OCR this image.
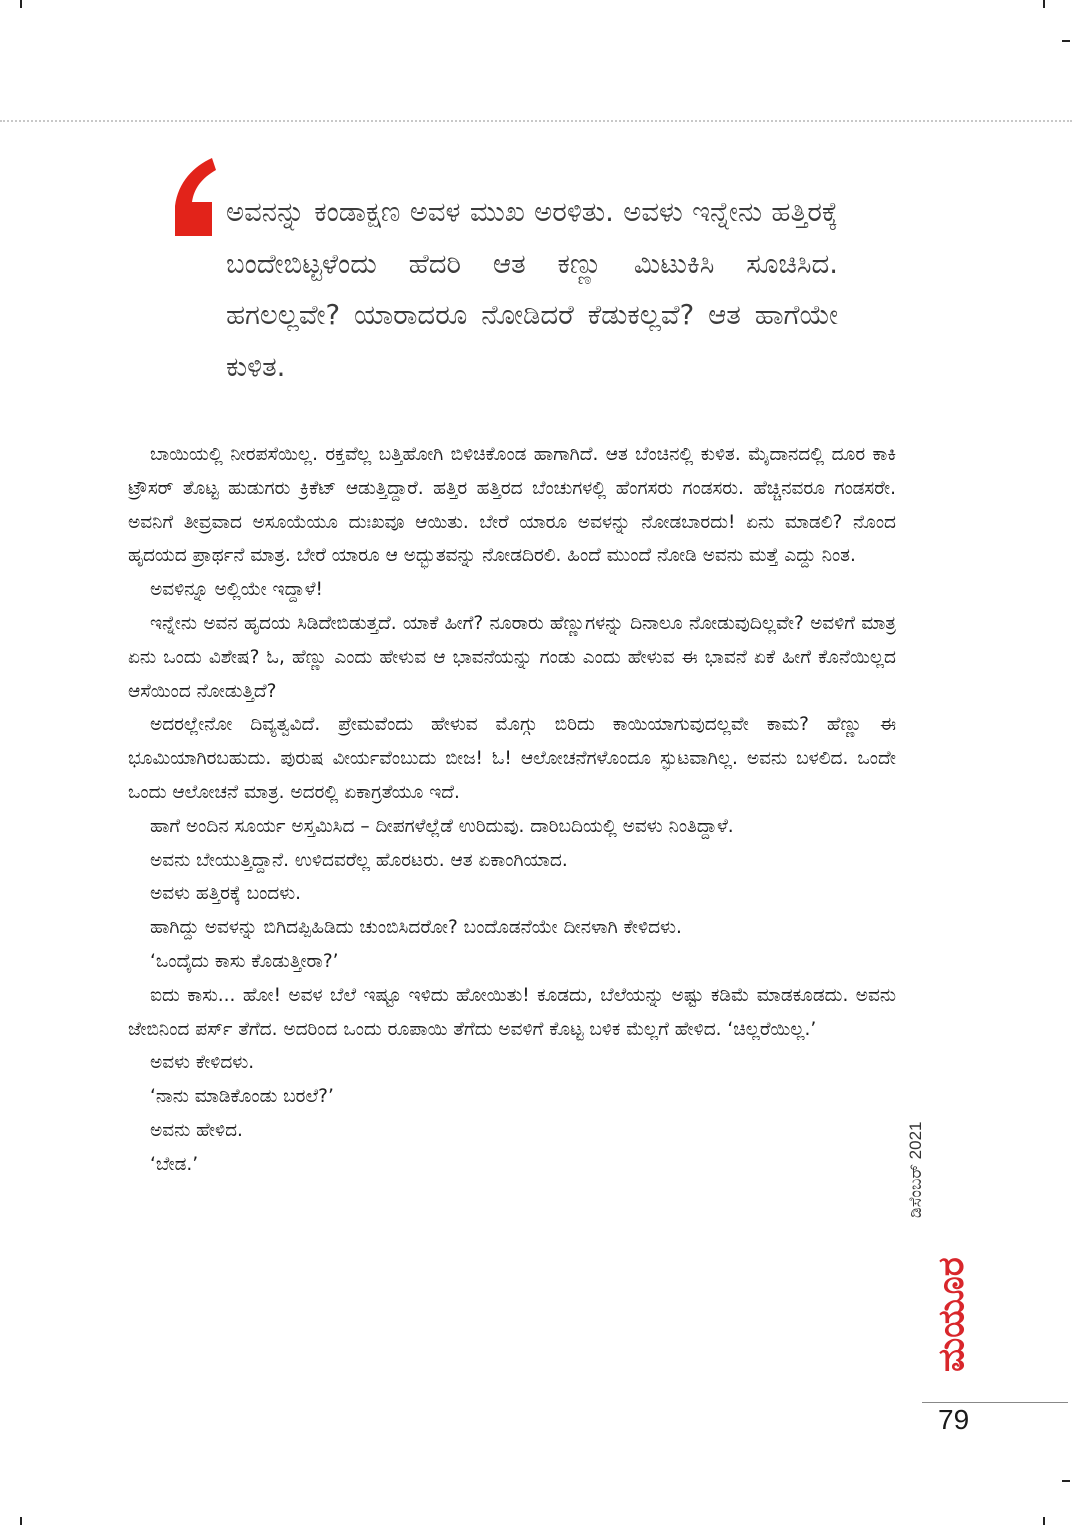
ಅವನನ್ನು ಕಂಡಾಕ್ಷಣ ಅವಳ ಮುಖ ಅರಳಿತು. ಅವಳು ಇನ್ನೇನು ಹತ್ತಿರಕ್ಕೆ ಬಂದೇಬಿಟ್ಟಳೆಂದು ಹೆದರಿ ಆತ ಕಣ್ಣು ಮಿಟುಕಿಸಿ ಸೂಚಿಸಿದ. ಹಗಲಲ್ಲವೇ? ಯಾರಾದರೂ ನೋಡಿದರೆ ಕೆಡುಕಲ್ಲವೆ? ಆತ ಹಾಗೆಯೇ ಕುಳಿತ.

ಬಾಯಿಯಲ್ಲಿ ನೀರಪಸೆಯಿಲ್ಲ. ರಕ್ತವೆಲ್ಲ ಬತ್ತಿಹೋಗಿ ಬಿಳಿಚಿಕೊಂಡ ಹಾಗಾಗಿದೆ. ಆತ ಬೆಂಚಿನಲ್ಲಿ ಕುಳಿತ. ಮೈದಾನದಲ್ಲಿ ದೂರ ಕಾಕಿ ಟ್ರೌಸರ್ ತೊಟ್ಟ ಹುಡುಗರು ಕ್ರಿಕೆಟ್ ಆಡುತ್ತಿದ್ದಾರೆ. ಹತ್ತಿರ ಹತ್ತಿರದ ಬೆಂಚುಗಳಲ್ಲಿ ಹೆಂಗಸರು ಗಂಡಸರು. ಹೆಚ್ಚಿನವರೂ ಗಂಡಸರೇ. ಅವನಿಗೆ ತೀವ್ರವಾದ ಅಸೂಯೆಯೂ ದುಃಖವೂ ಆಯಿತು. ಬೇರೆ ಯಾರೂ ಅವಳನ್ನು ನೋಡಬಾರದು! ಏನು ಮಾಡಲಿ? ನೊಂದ ಹೃದಯದ ಪ್ರಾರ್ಥನೆ ಮಾತ್ರ. ಬೇರೆ ಯಾರೂ ಆ ಅದ್ಭುತವನ್ನು ನೋಡದಿರಲಿ. ಹಿಂದೆ ಮುಂದೆ ನೋಡಿ ಅವನು ಮತ್ತೆ ಎದ್ದು ನಿಂತ.

ಅವಳಿನ್ನೂ ಅಲ್ಲಿಯೇ ಇದ್ದಾಳೆ!

ಇನ್ನೇನು ಅವನ ಹೃದಯ ಸಿಡಿದೇಬಿಡುತ್ತದೆ. ಯಾಕೆ ಹೀಗೆ? ನೂರಾರು ಹೆಣ್ಣುಗಳನ್ನು ದಿನಾಲೂ ನೋಡುವುದಿಲ್ಲವೇ? ಅವಳಿಗೆ ಮಾತ್ರ ಏನು ಒಂದು ವಿಶೇಷ? ಓ, ಹೆಣ್ಣು ಎಂದು ಹೇಳುವ ಆ ಭಾವನೆಯನ್ನು ಗಂಡು ಎಂದು ಹೇಳುವ ಈ ಭಾವನೆ ಏಕೆ ಹೀಗೆ ಕೊನೆಯಿಲ್ಲದ ಆಸೆಯಿಂದ ನೋಡುತ್ತಿದೆ?

ಅದರಲ್ಲೇನೋ ದಿವ್ಯತ್ವವಿದೆ. ಪ್ರೇಮವೆಂದು ಹೇಳುವ ಮೊಗ್ಗು ಬಿರಿದು ಕಾಯಿಯಾಗುವುದಲ್ಲವೇ ಕಾಮ? ಹೆಣ್ಣು ಈ ಭೂಮಿಯಾಗಿರಬಹುದು. ಪುರುಷ ವೀರ್ಯವೆಂಬುದು ಬೀಜ! ಓ! ಆಲೋಚನೆಗಳೊಂದೂ ಸ್ಫುಟವಾಗಿಲ್ಲ. ಅವನು ಬಳಲಿದ. ಒಂದೇ ಒಂದು ಆಲೋಚನೆ ಮಾತ್ರ. ಅದರಲ್ಲಿ ಏಕಾಗ್ರತೆಯೂ ಇದೆ.

ಹಾಗೆ ಅಂದಿನ ಸೂರ್ಯ ಅಸ್ತಮಿಸಿದ – ದೀಪಗಳೆಲ್ಲೆಡೆ ಉರಿದುವು. ದಾರಿಬದಿಯಲ್ಲಿ ಅವಳು ನಿಂತಿದ್ದಾಳೆ.

ಅವನು ಬೇಯುತ್ತಿದ್ದಾನೆ. ಉಳಿದವರೆಲ್ಲ ಹೊರಟರು. ಆತ ಏಕಾಂಗಿಯಾದ.

ಅವಳು ಹತ್ತಿರಕ್ಕೆ ಬಂದಳು.

ಹಾಗಿದ್ದು ಅವಳನ್ನು ಬಿಗಿದಪ್ಪಿಹಿಡಿದು ಚುಂಬಿಸಿದರೋ? ಬಂದೊಡನೆಯೇ ದೀನಳಾಗಿ ಕೇಳಿದಳು.

‘ಒಂದೈದು ಕಾಸು ಕೊಡುತ್ತೀರಾ?’

ಐದು ಕಾಸು... ಹೋ! ಅವಳ ಬೆಲೆ ಇಷ್ಟೂ ಇಳಿದು ಹೋಯಿತು! ಕೂಡದು, ಬೆಲೆಯನ್ನು ಅಷ್ಟು ಕಡಿಮೆ ಮಾಡಕೂಡದು. ಅವನು ಜೇಬಿನಿಂದ ಪರ್ಸ್ ತೆಗೆದ. ಅದರಿಂದ ಒಂದು ರೂಪಾಯಿ ತೆಗೆದು ಅವಳಿಗೆ ಕೊಟ್ಟ ಬಳಿಕ ಮೆಲ್ಲಗೆ ಹೇಳಿದ. ‘ಚಿಲ್ಲರೆಯಿಲ್ಲ.’

ಅವಳು ಕೇಳಿದಳು.

‘ನಾನು ಮಾಡಿಕೊಂಡು ಬರಲೆ?’

ಅವನು ಹೇಳಿದ.

‘ಬೇಡ.’	ಡಿಸೆಂಬರ್ 2021
ಮಯೂರ
79
